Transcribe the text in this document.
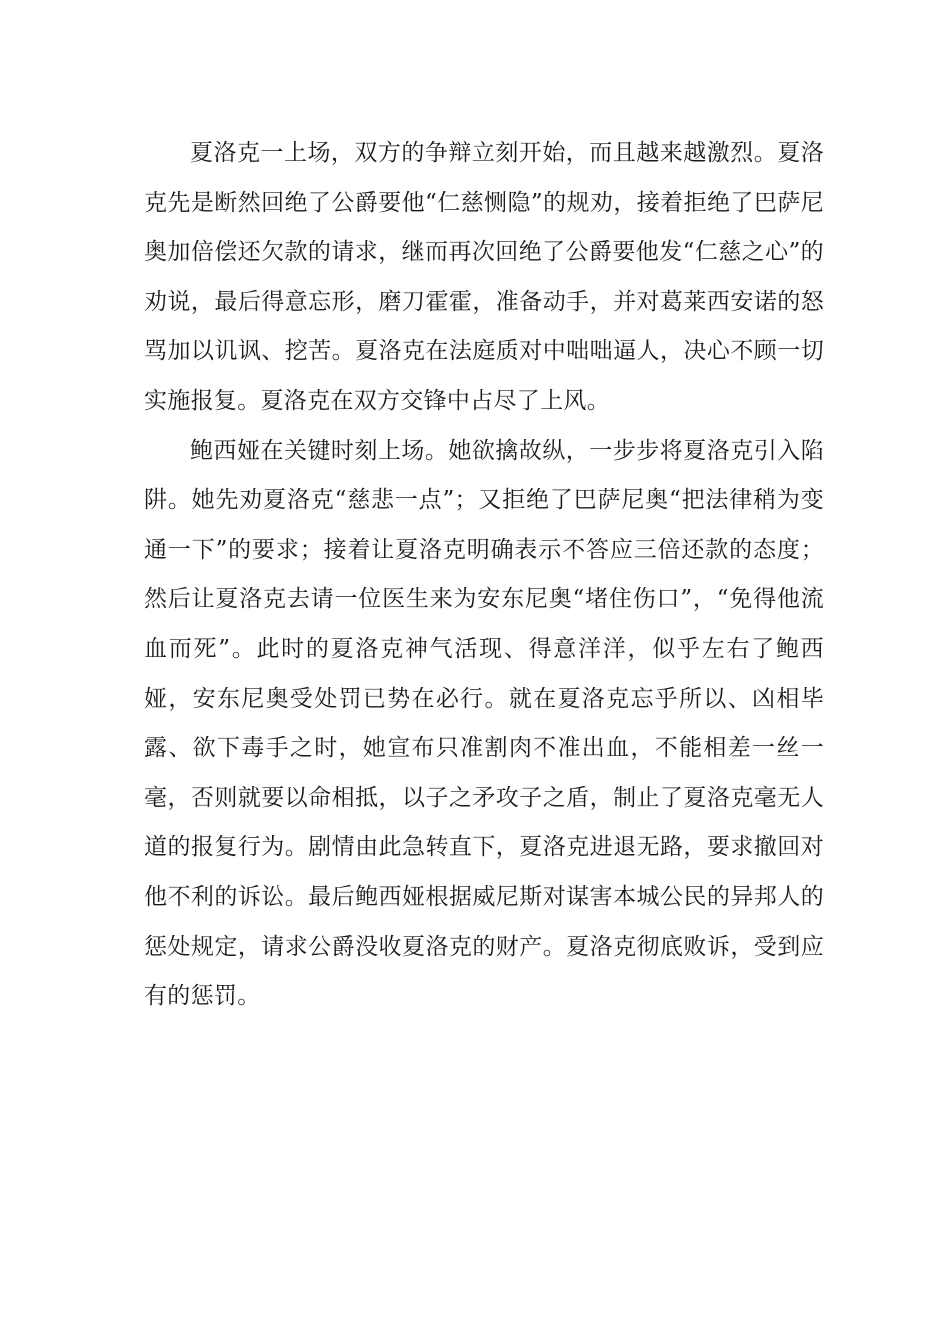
夏洛克一上场，双方的争辩立刻开始，而且越来越激烈。夏洛克先是断然回绝了公爵要他“仁慈恻隐”的规劝，接着拒绝了巴萨尼奥加倍偿还欠款的请求，继而再次回绝了公爵要他发“仁慈之心”的劝说，最后得意忘形，磨刀霍霍，准备动手，并对葛莱西安诺的怒骂加以讥讽、挖苦。夏洛克在法庭质对中咄咄逼人，决心不顾一切实施报复。夏洛克在双方交锋中占尽了上风。

鲍西娅在关键时刻上场。她欲擒故纵，一步步将夏洛克引入陷阱。她先劝夏洛克“慈悲一点”；又拒绝了巴萨尼奥“把法律稍为变通一下”的要求；接着让夏洛克明确表示不答应三倍还款的态度；然后让夏洛克去请一位医生来为安东尼奥“堵住伤口”，“免得他流血而死”。此时的夏洛克神气活现、得意洋洋，似乎左右了鲍西娅，安东尼奥受处罚已势在必行。就在夏洛克忘乎所以、凶相毕露、欲下毒手之时，她宣布只准割肉不准出血，不能相差一丝一毫，否则就要以命相抵，以子之矛攻子之盾，制止了夏洛克毫无人道的报复行为。剧情由此急转直下，夏洛克进退无路，要求撤回对他不利的诉讼。最后鲍西娅根据威尼斯对谋害本城公民的异邦人的惩处规定，请求公爵没收夏洛克的财产。夏洛克彻底败诉，受到应有的惩罚。
